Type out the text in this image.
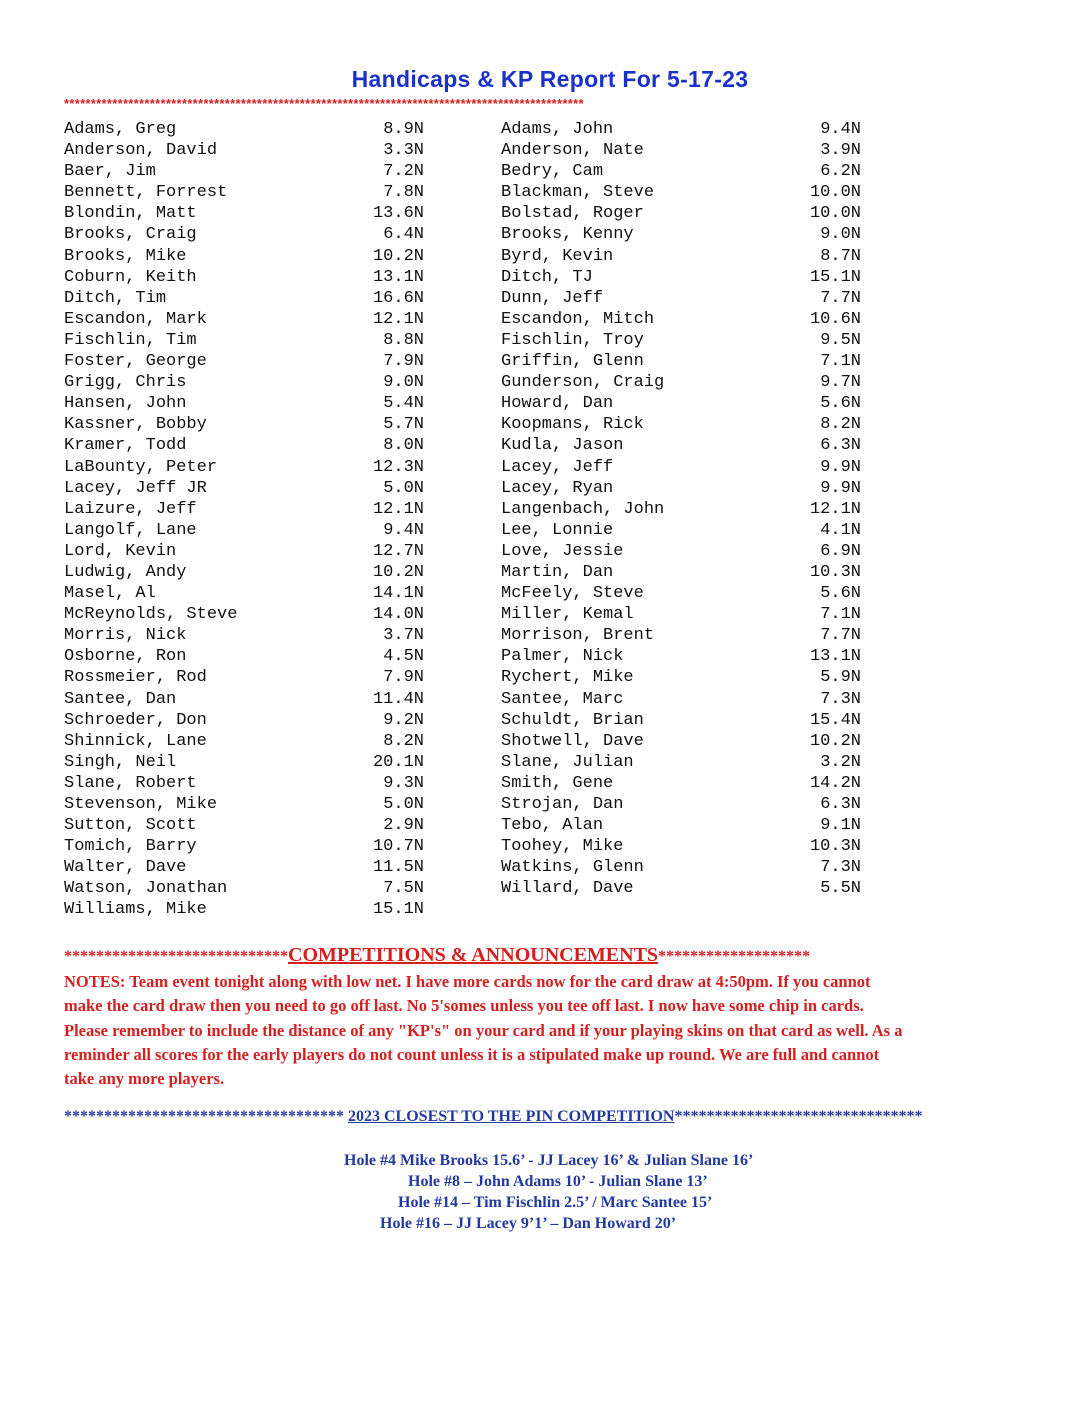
Handicaps & KP Report For 5-17-23
*************************************************************************************************
Adams, Greg	8.9N
Anderson, David	3.3N
Baer, Jim	7.2N
Bennett, Forrest	7.8N
Blondin, Matt	13.6N
Brooks, Craig	6.4N
Brooks, Mike	10.2N
Coburn, Keith	13.1N
Ditch, Tim	16.6N
Escandon, Mark	12.1N
Fischlin, Tim	8.8N
Foster, George	7.9N
Grigg, Chris	9.0N
Hansen, John	5.4N
Kassner, Bobby	5.7N
Kramer, Todd	8.0N
LaBounty, Peter	12.3N
Lacey, Jeff JR	5.0N
Laizure, Jeff	12.1N
Langolf, Lane	9.4N
Lord, Kevin	12.7N
Ludwig, Andy	10.2N
Masel, Al	14.1N
McReynolds, Steve	14.0N
Morris, Nick	3.7N
Osborne, Ron	4.5N
Rossmeier, Rod	7.9N
Santee, Dan	11.4N
Schroeder, Don	9.2N
Shinnick, Lane	8.2N
Singh, Neil	20.1N
Slane, Robert	9.3N
Stevenson, Mike	5.0N
Sutton, Scott	2.9N
Tomich, Barry	10.7N
Walter, Dave	11.5N
Watson, Jonathan	7.5N
Williams, Mike	15.1N
Adams, John	9.4N
Anderson, Nate	3.9N
Bedry, Cam	6.2N
Blackman, Steve	10.0N
Bolstad, Roger	10.0N
Brooks, Kenny	9.0N
Byrd, Kevin	8.7N
Ditch, TJ	15.1N
Dunn, Jeff	7.7N
Escandon, Mitch	10.6N
Fischlin, Troy	9.5N
Griffin, Glenn	7.1N
Gunderson, Craig	9.7N
Howard, Dan	5.6N
Koopmans, Rick	8.2N
Kudla, Jason	6.3N
Lacey, Jeff	9.9N
Lacey, Ryan	9.9N
Langenbach, John	12.1N
Lee, Lonnie	4.1N
Love, Jessie	6.9N
Martin, Dan	10.3N
McFeely, Steve	5.6N
Miller, Kemal	7.1N
Morrison, Brent	7.7N
Palmer, Nick	13.1N
Rychert, Mike	5.9N
Santee, Marc	7.3N
Schuldt, Brian	15.4N
Shotwell, Dave	10.2N
Slane, Julian	3.2N
Smith, Gene	14.2N
Strojan, Dan	6.3N
Tebo, Alan	9.1N
Toohey, Mike	10.3N
Watkins, Glenn	7.3N
Willard, Dave	5.5N
****************************COMPETITIONS & ANNOUNCEMENTS*******************
NOTES: Team event tonight along with low net. I have more cards now for the card draw at 4:50pm. If you cannot
make the card draw then you need to go off last. No 5'somes unless you tee off last. I now have some chip in cards.
Please remember to include the distance of any "KP's" on your card and if your playing skins on that card as well. As a
reminder all scores for the early players do not count unless it is a stipulated make up round. We are full and cannot
take any more players.
*********************************** 2023 CLOSEST TO THE PIN COMPETITION*******************************
Hole #4 Mike Brooks 15.6’ - JJ Lacey 16’ & Julian Slane 16’
Hole #8 – John Adams 10’ - Julian Slane 13’
Hole #14 – Tim Fischlin 2.5’ / Marc Santee 15’
Hole #16 – JJ Lacey 9’1’ – Dan Howard 20’
